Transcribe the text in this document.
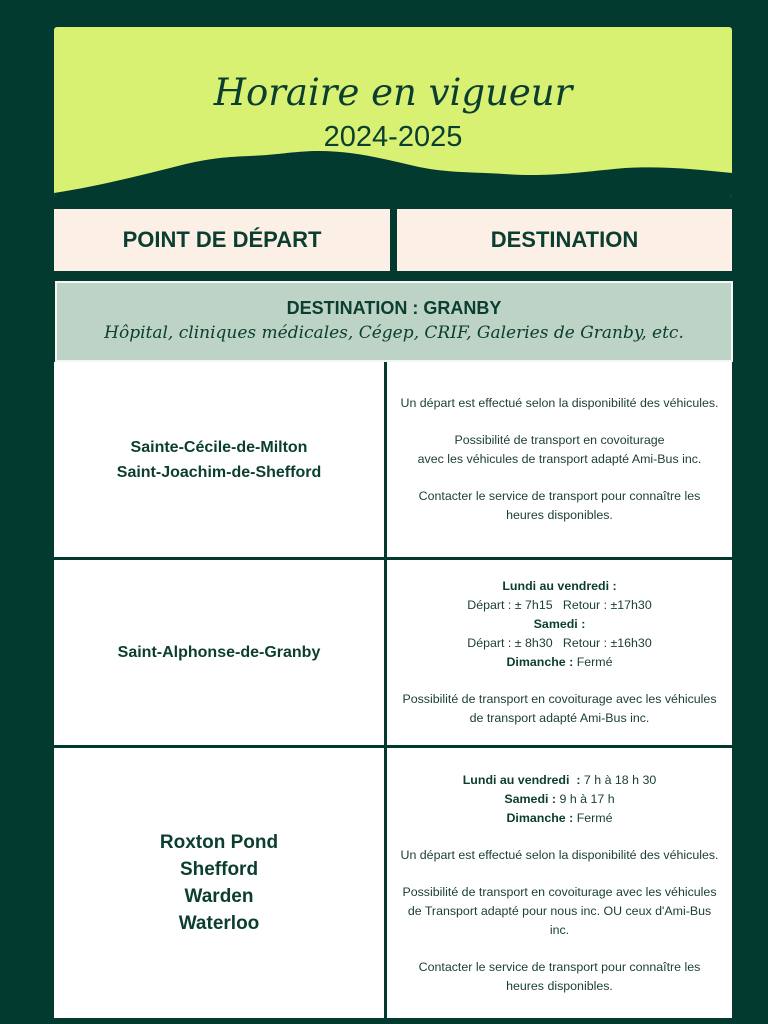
Horaire en vigueur
2024-2025
POINT DE DÉPART	DESTINATION
DESTINATION : GRANBY
Hôpital, cliniques médicales, Cégep, CRIF, Galeries de Granby, etc.
Sainte-Cécile-de-Milton
Saint-Joachim-de-Shefford
Un départ est effectué selon la disponibilité des véhicules.
Possibilité de transport en covoiturage
avec les véhicules de transport adapté Ami-Bus inc.
Contacter le service de transport pour connaître les heures disponibles.
Saint-Alphonse-de-Granby
Lundi au vendredi :
Départ : ± 7h15   Retour : ±17h30
Samedi :
Départ : ± 8h30   Retour : ±16h30
Dimanche : Fermé
Possibilité de transport en covoiturage avec les véhicules de transport adapté Ami-Bus inc.
Roxton Pond
Shefford
Warden
Waterloo
Lundi au vendredi  : 7 h à 18 h 30
Samedi : 9 h à 17 h
Dimanche : Fermé
Un départ est effectué selon la disponibilité des véhicules.
Possibilité de transport en covoiturage avec les véhicules de Transport adapté pour nous inc. OU ceux d'Ami-Bus inc.
Contacter le service de transport pour connaître les heures disponibles.
